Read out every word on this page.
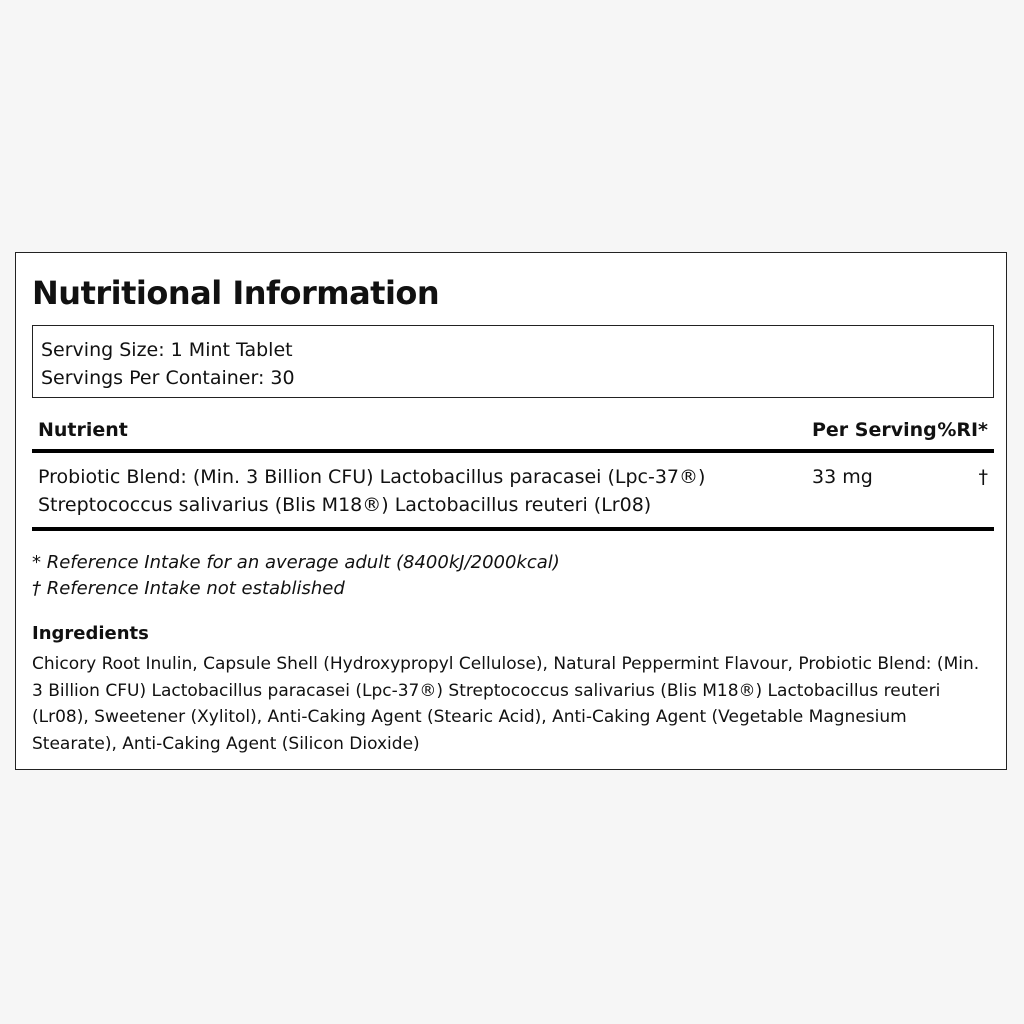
Nutritional Information
Serving Size: 1 Mint Tablet
Servings Per Container: 30
Nutrient	Per Serving %RI*
Probiotic Blend: (Min. 3 Billion CFU) Lactobacillus paracasei (Lpc-37®)
Streptococcus salivarius (Blis M18®) Lactobacillus reuteri (Lr08)
33 mg	†
* Reference Intake for an average adult (8400kJ/2000kcal)
† Reference Intake not established
Ingredients

Chicory Root Inulin, Capsule Shell (Hydroxypropyl Cellulose), Natural Peppermint Flavour, Probiotic Blend: (Min. 3 Billion CFU) Lactobacillus paracasei (Lpc-37®) Streptococcus salivarius (Blis M18®) Lactobacillus reuteri (Lr08), Sweetener (Xylitol), Anti-Caking Agent (Stearic Acid), Anti-Caking Agent (Vegetable Magnesium Stearate), Anti-Caking Agent (Silicon Dioxide)
